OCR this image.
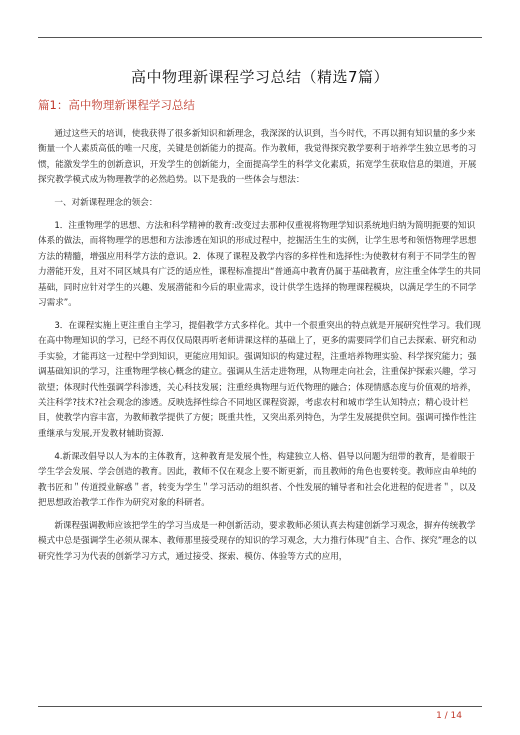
高中物理新课程学习总结（精选7篇）
篇1：高中物理新课程学习总结

通过这些天的培训，使我获得了很多新知识和新理念，我深深的认识到，当今时代，不再以拥有知识量的多少来衡量一个人素质高低的唯一尺度，关键是创新能力的提高。作为教师，我觉得探究教学要利于培养学生独立思考的习惯，能激发学生的创新意识，开发学生的创新能力，全面提高学生的科学文化素质，拓宽学生获取信息的渠道，开展探究教学模式成为物理教学的必然趋势。以下是我的一些体会与想法：

一、对新课程理念的领会：

1．注重物理学的思想、方法和科学精神的教育:改变过去那种仅重视将物理学知识系统地归纳为简明扼要的知识体系的做法，而将物理学的思想和方法渗透在知识的形成过程中，挖掘活生生的实例，让学生思考和领悟物理学思想方法的精髓，增强应用科学方法的意识。2．体现了课程及教学内容的多样性和选择性:为使教材有利于不同学生的智力潜能开发，且对不同区域具有广泛的适应性，课程标准提出“普通高中教育仍属于基础教育，应注重全体学生的共同基础，同时应针对学生的兴趣、发展潜能和今后的职业需求，设计供学生选择的物理课程模块，以满足学生的不同学习需求”。

3．在课程实施上更注重自主学习，提倡教学方式多样化。其中一个很重突出的特点就是开展研究性学习。我们现在高中物理知识的学习，已经不再仅仅局限再听老师讲课这样的基础上了，更多的需要同学们自己去探索、研究和动手实验，才能再这一过程中学到知识，更能应用知识。强调知识的构建过程，注重培养物理实验、科学探究能力；强调基础知识的学习，注重物理学核心概念的建立。强调从生活走进物理，从物理走向社会，注重保护探索兴趣，学习欲望；体现时代性强调学科渗透，关心科技发展；注重经典物理与近代物理的融合；体现情感态度与价值观的培养，关注科学?技术?社会观念的渗透。反映选择性综合不同地区课程资源，考虑农村和城市学生认知特点；精心设计栏目，使教学内容丰富，为教师教学提供了方便；既重共性，又突出系列特色，为学生发展提供空间。强调可操作性注重继承与发展,开发教材辅助资源.

4.新课改倡导以人为本的主体教育，这种教育是发展个性，构建独立人格、倡导以问题为纽带的教育，是着眼于学生学会发展、学会创造的教育。因此，教师不仅在观念上要不断更新，而且教师的角色也要转变。教师应由单纯的教书匠和＂传道授业解惑＂者，转变为学生＂学习活动的组织者、个性发展的辅导者和社会化进程的促进者＂，以及把思想政治教学工作作为研究对象的科研者。

新课程强调教师应该把学生的学习当成是一种创新活动，要求教师必须认真去构建创新学习观念，摒弃传统教学模式中总是强调学生必须从课本、教师那里接受现存的知识的学习观念，大力推行体现”自主、合作、探究”理念的以研究性学习为代表的创新学习方式，通过接受、探索、模仿、体验等方式的应用，

1 / 14
